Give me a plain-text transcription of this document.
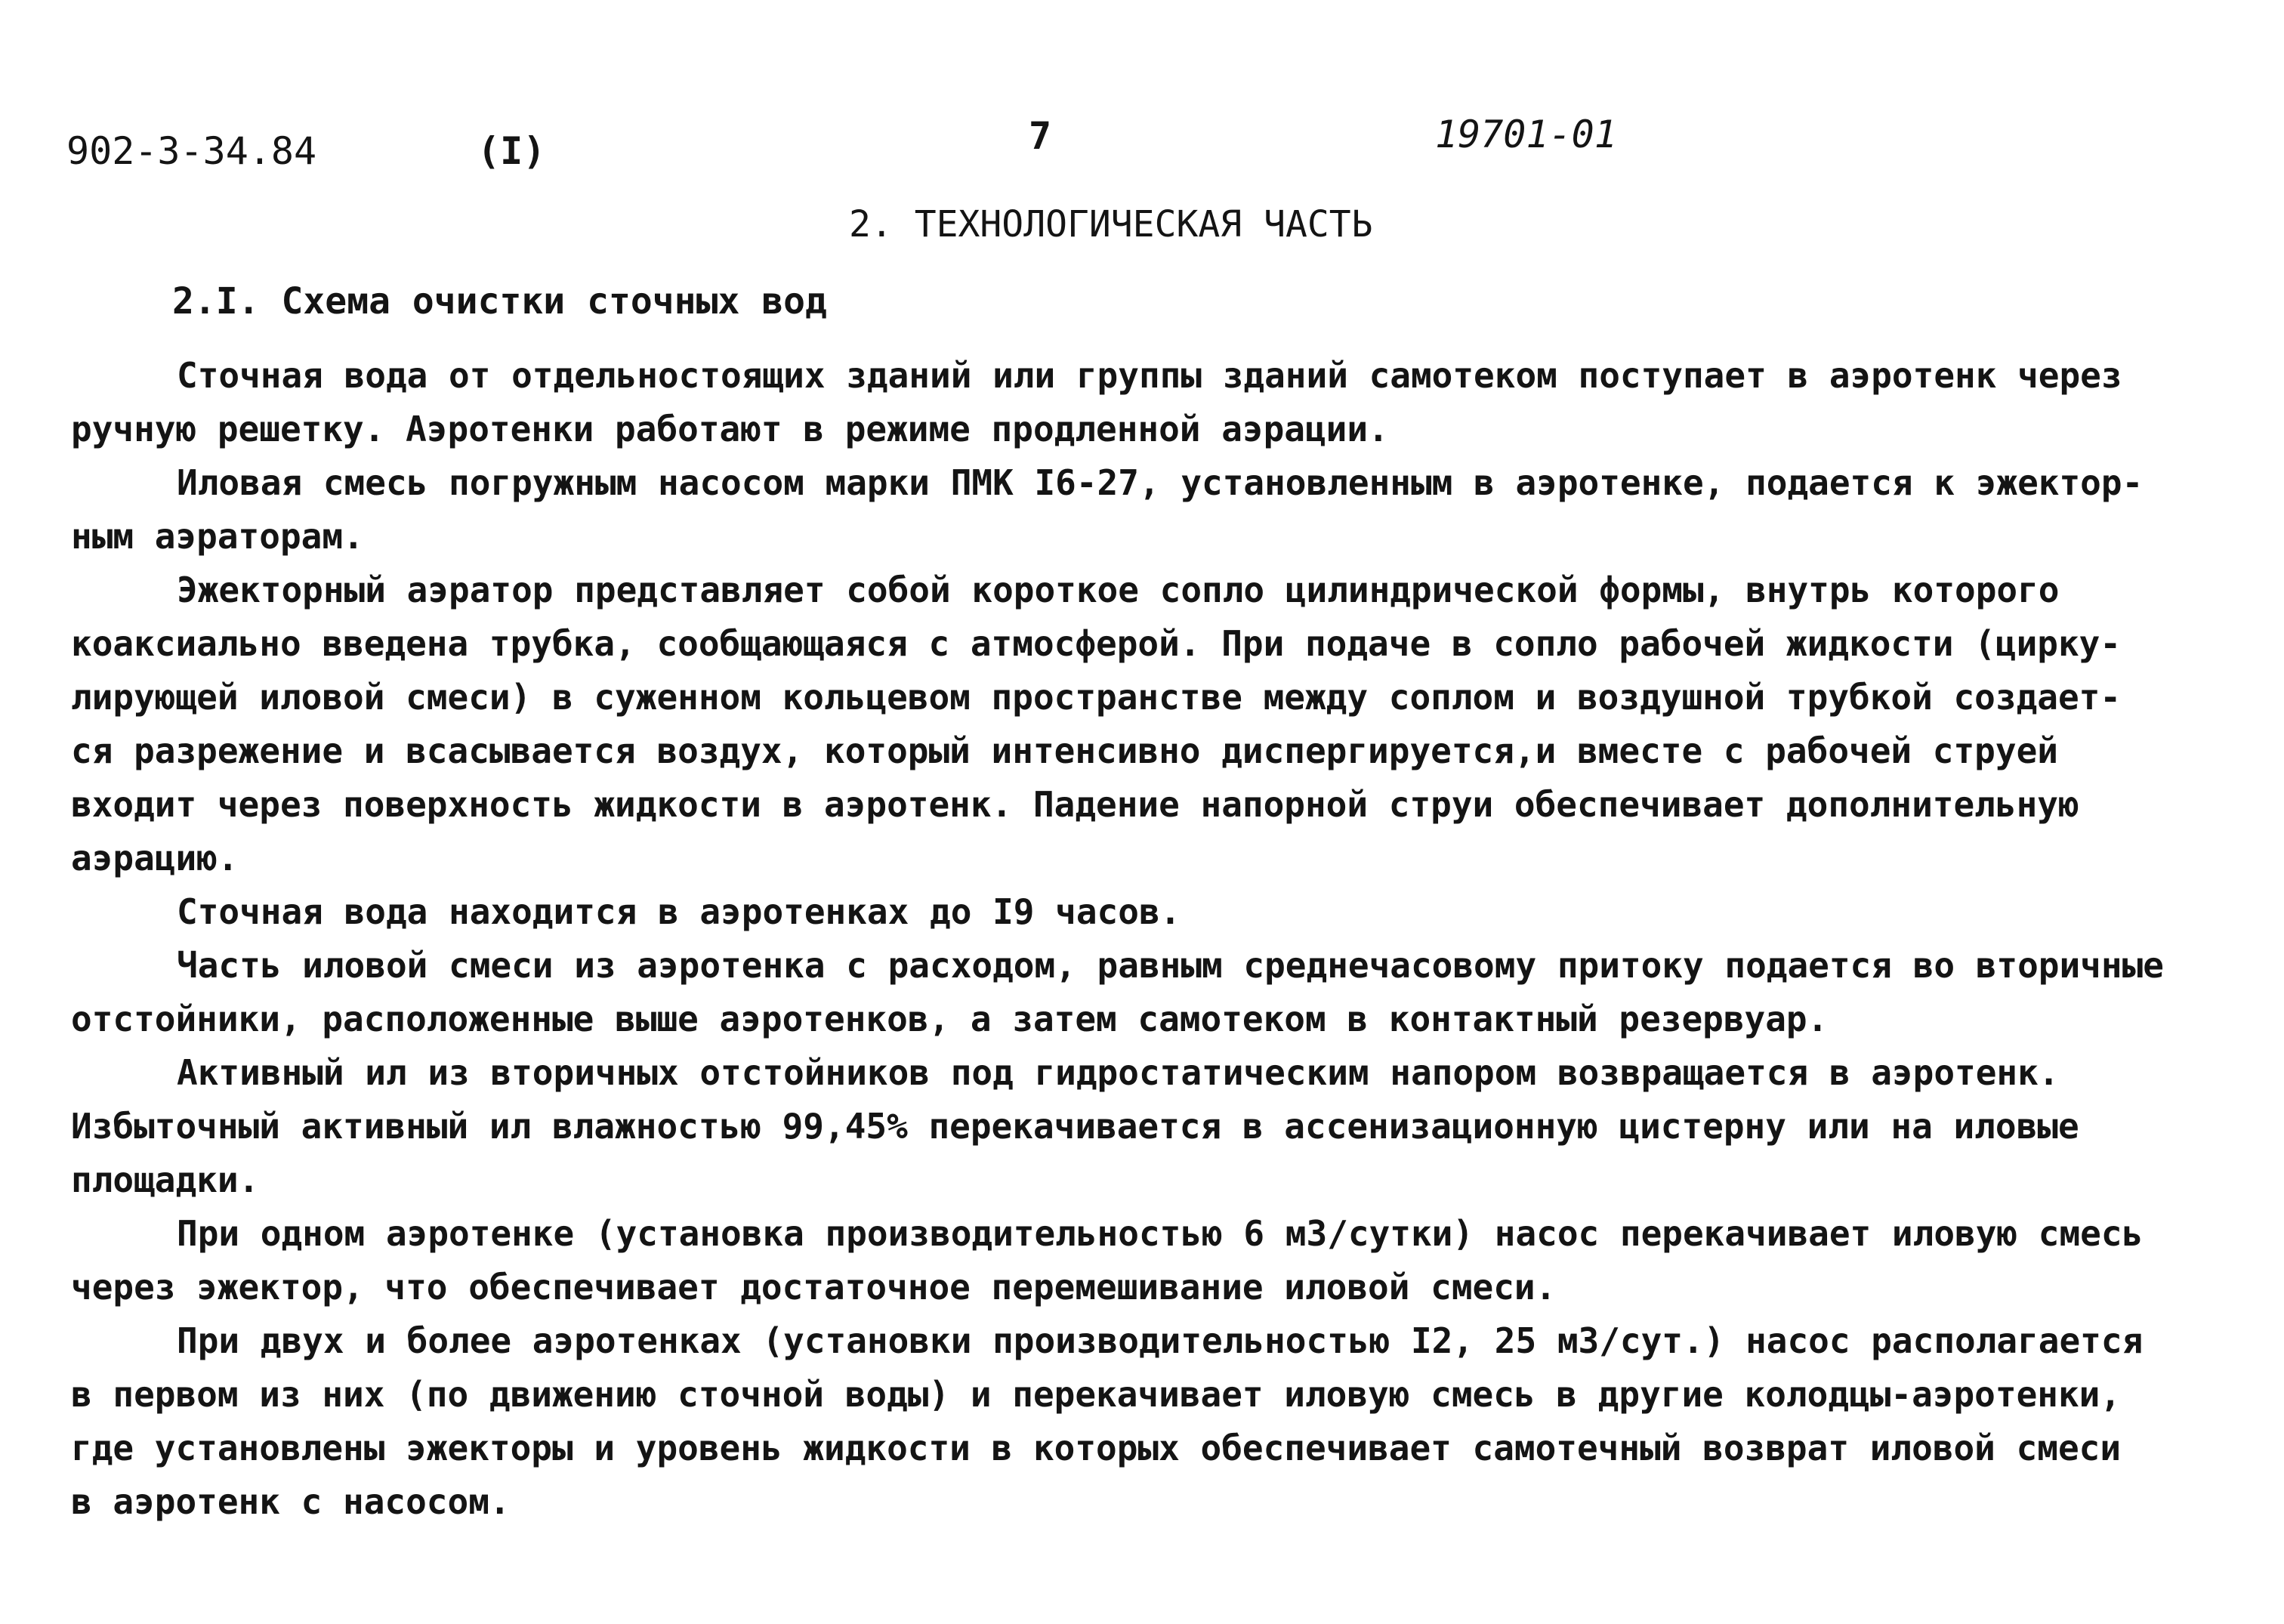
902-3-34.84	(I)	7	19701-01
2. ТЕХНОЛОГИЧЕСКАЯ ЧАСТЬ
2.I. Схема очистки сточных вод
Сточная вода от отдельностоящих зданий или группы зданий самотеком поступает в аэротенк через
ручную решетку. Аэротенки работают в режиме продленной аэрации.
Иловая смесь погружным насосом марки ПМК I6-27, установленным в аэротенке, подается к эжектор-
ным аэраторам.
Эжекторный аэратор представляет собой короткое сопло цилиндрической формы, внутрь которого
коаксиально введена трубка, сообщающаяся с атмосферой. При подаче в сопло рабочей жидкости (цирку-
лирующей иловой смеси) в суженном кольцевом пространстве между соплом и воздушной трубкой создает-
ся разрежение и всасывается воздух, который интенсивно диспергируется,и вместе с рабочей струей
входит через поверхность жидкости в аэротенк. Падение напорной струи обеспечивает дополнительную
аэрацию.
Сточная вода находится в аэротенках до I9 часов.
Часть иловой смеси из аэротенка с расходом, равным среднечасовому притоку подается во вторичные
отстойники, расположенные выше аэротенков, а затем самотеком в контактный резервуар.
Активный ил из вторичных отстойников под гидростатическим напором возвращается в аэротенк.
Избыточный активный ил влажностью 99,45% перекачивается в ассенизационную цистерну или на иловые
площадки.
При одном аэротенке (установка производительностью 6 м3/сутки) насос перекачивает иловую смесь
через эжектор, что обеспечивает достаточное перемешивание иловой смеси.
При двух и более аэротенках (установки производительностью I2, 25 м3/сут.) насос располагается
в первом из них (по движению сточной воды) и перекачивает иловую смесь в другие колодцы-аэротенки,
где установлены эжекторы и уровень жидкости в которых обеспечивает самотечный возврат иловой смеси
в аэротенк с насосом.
